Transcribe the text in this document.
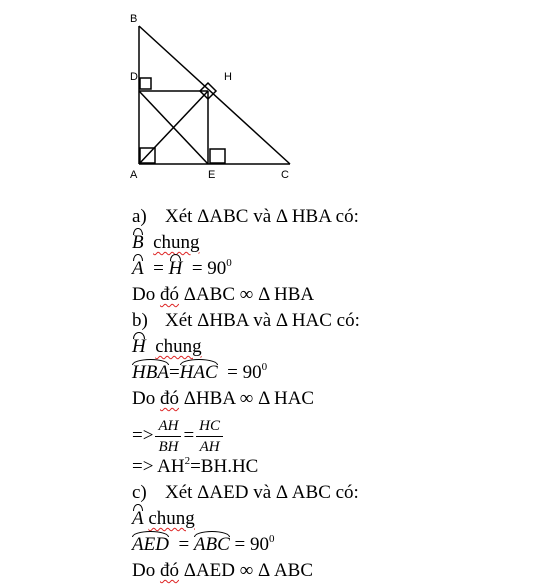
B
D	H
A	E	C
a) Xét ΔABC và Δ HBA có:
B chung
$A = H = 90^0$
Do đó ΔABC ∞ Δ HBA
b) Xét ΔHBA và Δ HAC có:
H chung
$HBA=HAC = 90^0$
Do đó ΔHBA ∞ Δ HAC
=> $\frac{AH}{BH} = \frac{HC}{AH}$
=> $AH^2=BH.HC$
c) Xét ΔAED và Δ ABC có:
A chung
AED = ABC = $90^0$
Do đó ΔAED ∞ Δ ABC
